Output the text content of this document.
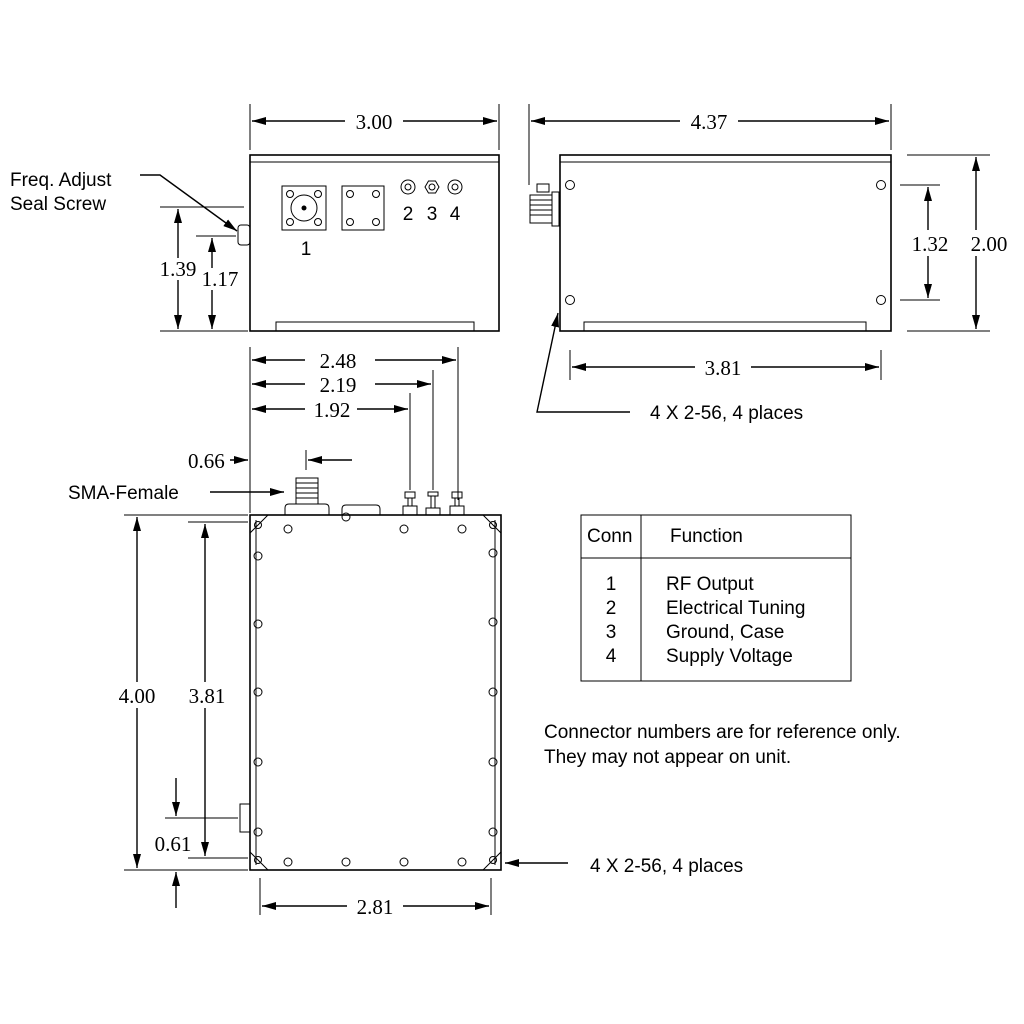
3.00
1
2 3 4
Freq. Adjust
Seal Screw
1.39 1.17
4.37
1.32 2.00
3.81
4 X 2-56, 4 places
2.48
2.19
1.92
0.66
SMA-Female
4.00 3.81
0.61
2.81
4 X 2-56, 4 places
Conn Function
1	RF Output
2	Electrical Tuning
3	Ground, Case
4	Supply Voltage
Connector numbers are for reference only.
They may not appear on unit.
